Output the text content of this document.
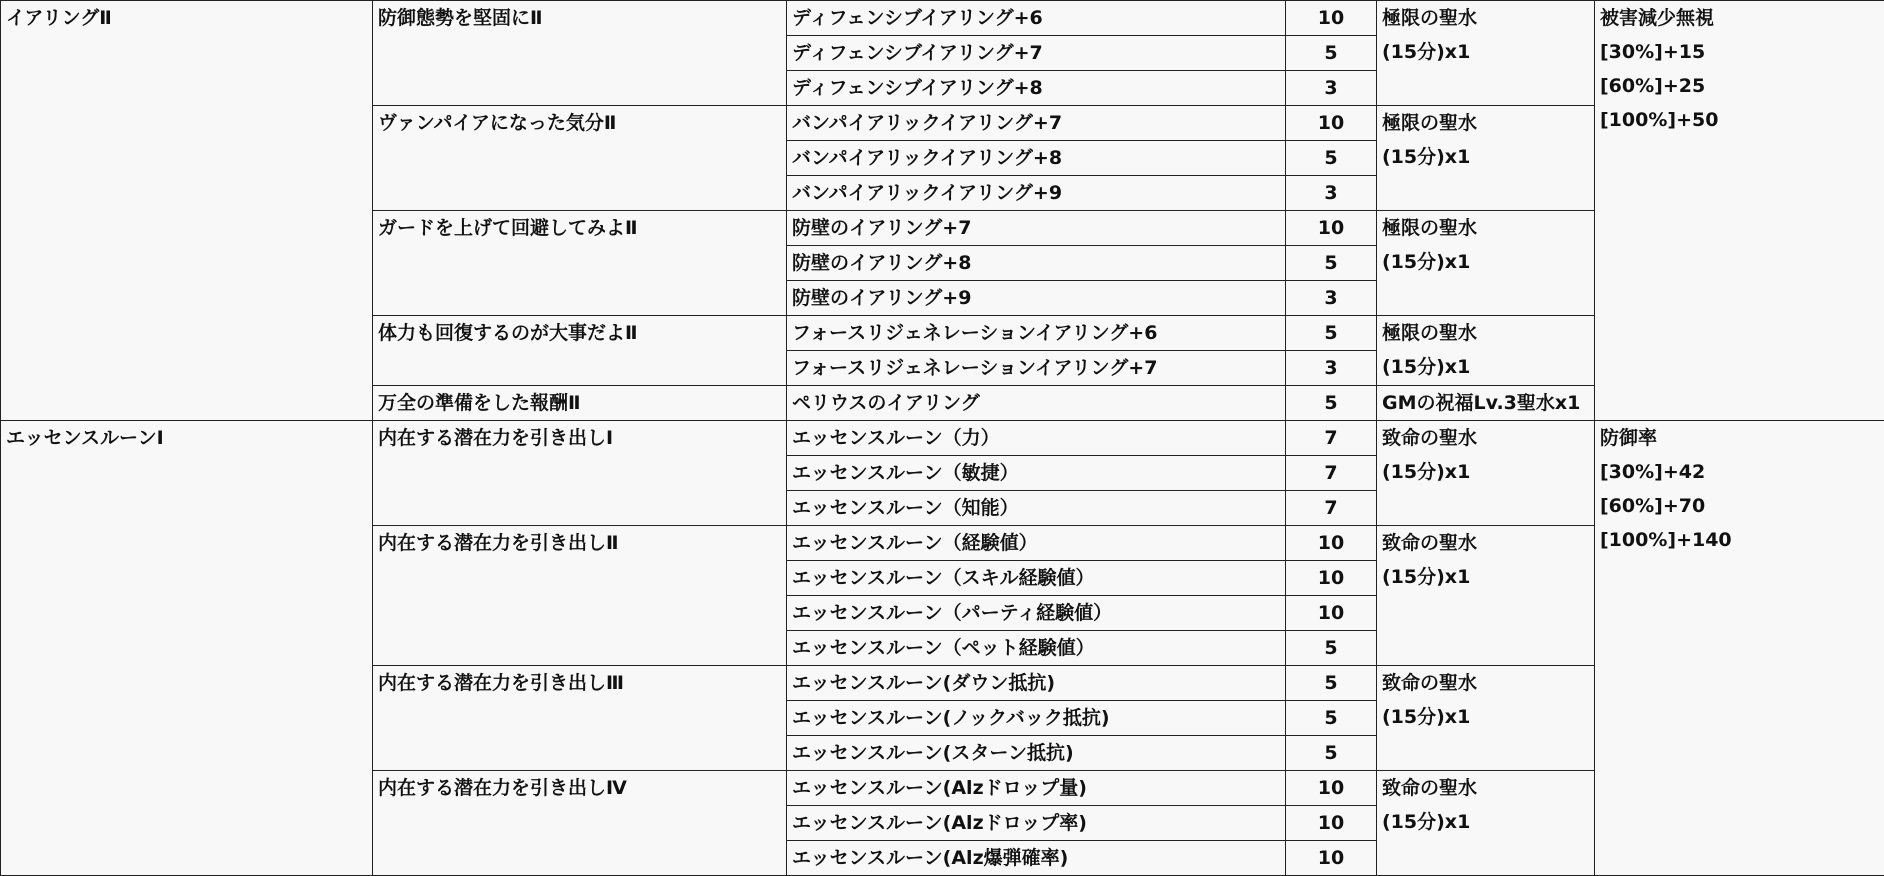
イアリングⅡ	防御態勢を堅固にⅡ	ディフェンシブイアリング+6	10	極限の聖水
(15分)x1	被害減少無視
[30%]+15
[60%]+25
[100%]+50

		ディフェンシブイアリング+7	5		
		ディフェンシブイアリング+8	3		
	ヴァンパイアになった気分Ⅱ	バンパイアリックイアリング+7	10	極限の聖水
(15分)x1	

		バンパイアリックイアリング+8	5		
		バンパイアリックイアリング+9	3		
	ガードを上げて回避してみよⅡ	防壁のイアリング+7	10	極限の聖水
(15分)x1	

		防壁のイアリング+8	5		
		防壁のイアリング+9	3		
	体力も回復するのが大事だよⅡ	フォースリジェネレーションイアリング+6	5	極限の聖水
(15分)x1	

		フォースリジェネレーションイアリング+7	3		
	万全の準備をした報酬Ⅱ	ペリウスのイアリング	5	GMの祝福Lv.3聖水x1	

エッセンスルーンⅠ	内在する潜在力を引き出しⅠ	エッセンスルーン（力）	7	致命の聖水
(15分)x1	防御率
[30%]+42
[60%]+70
[100%]+140

		エッセンスルーン（敏捷）	7		
		エッセンスルーン（知能）	7		
	内在する潜在力を引き出しⅡ	エッセンスルーン（経験値）	10	致命の聖水
(15分)x1	

		エッセンスルーン（スキル経験値）	10		
		エッセンスルーン（パーティ経験値）	10		
		エッセンスルーン（ペット経験値）	5		
	内在する潜在力を引き出しⅢ	エッセンスルーン(ダウン抵抗)	5	致命の聖水
(15分)x1	

		エッセンスルーン(ノックバック抵抗)	5		
		エッセンスルーン(スターン抵抗)	5		
	内在する潜在力を引き出しⅣ	エッセンスルーン(Alzドロップ量)	10	致命の聖水
(15分)x1	

		エッセンスルーン(Alzドロップ率)	10		
		エッセンスルーン(Alz爆弾確率)	10		
